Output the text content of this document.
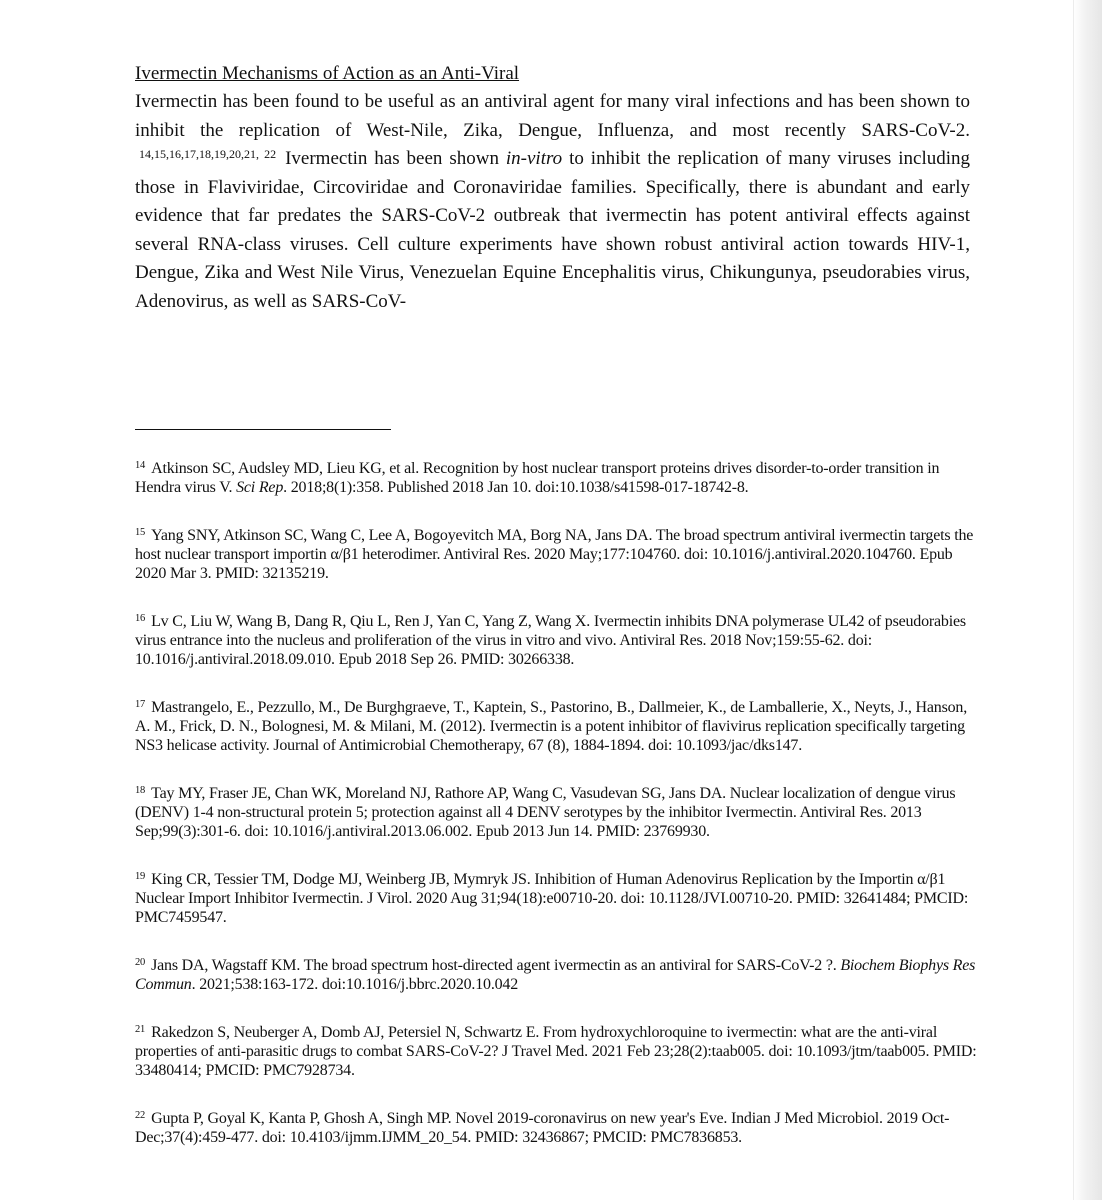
Ivermectin Mechanisms of Action as an Anti-Viral

Ivermectin has been found to be useful as an antiviral agent for many viral infections and has been shown to inhibit the replication of West-Nile, Zika, Dengue, Influenza, and most recently SARS-CoV-2. $^{14,15,16,17,18,19,20,21, 22}$ Ivermectin has been shown in-vitro to inhibit the replication of many viruses including those in Flaviviridae, Circoviridae and Coronaviridae families. Specifically, there is abundant and early evidence that far predates the SARS-CoV-2 outbreak that ivermectin has potent antiviral effects against several RNA-class viruses. Cell culture experiments have shown robust antiviral action towards HIV-1, Dengue, Zika and West Nile Virus, Venezuelan Equine Encephalitis virus, Chikungunya, pseudorabies virus, Adenovirus, as well as SARS-CoV-

$^{14}$ Atkinson SC, Audsley MD, Lieu KG, et al. Recognition by host nuclear transport proteins drives disorder-to-order transition in Hendra virus V. Sci Rep. 2018;8(1):358. Published 2018 Jan 10. doi:10.1038/s41598-017-18742-8.

$^{15}$ Yang SNY, Atkinson SC, Wang C, Lee A, Bogoyevitch MA, Borg NA, Jans DA. The broad spectrum antiviral ivermectin targets the host nuclear transport importin α/β1 heterodimer. Antiviral Res. 2020 May;177:104760. doi: 10.1016/j.antiviral.2020.104760. Epub 2020 Mar 3. PMID: 32135219.

$^{16}$ Lv C, Liu W, Wang B, Dang R, Qiu L, Ren J, Yan C, Yang Z, Wang X. Ivermectin inhibits DNA polymerase UL42 of pseudorabies virus entrance into the nucleus and proliferation of the virus in vitro and vivo. Antiviral Res. 2018 Nov;159:55-62. doi: 10.1016/j.antiviral.2018.09.010. Epub 2018 Sep 26. PMID: 30266338.

$^{17}$ Mastrangelo, E., Pezzullo, M., De Burghgraeve, T., Kaptein, S., Pastorino, B., Dallmeier, K., de Lamballerie, X., Neyts, J., Hanson, A. M., Frick, D. N., Bolognesi, M. & Milani, M. (2012). Ivermectin is a potent inhibitor of flavivirus replication specifically targeting NS3 helicase activity. Journal of Antimicrobial Chemotherapy, 67 (8), 1884-1894. doi: 10.1093/jac/dks147.

$^{18}$ Tay MY, Fraser JE, Chan WK, Moreland NJ, Rathore AP, Wang C, Vasudevan SG, Jans DA. Nuclear localization of dengue virus (DENV) 1-4 non-structural protein 5; protection against all 4 DENV serotypes by the inhibitor Ivermectin. Antiviral Res. 2013 Sep;99(3):301-6. doi: 10.1016/j.antiviral.2013.06.002. Epub 2013 Jun 14. PMID: 23769930.

$^{19}$ King CR, Tessier TM, Dodge MJ, Weinberg JB, Mymryk JS. Inhibition of Human Adenovirus Replication by the Importin α/β1 Nuclear Import Inhibitor Ivermectin. J Virol. 2020 Aug 31;94(18):e00710-20. doi: 10.1128/JVI.00710-20. PMID: 32641484; PMCID: PMC7459547.

$^{20}$ Jans DA, Wagstaff KM. The broad spectrum host-directed agent ivermectin as an antiviral for SARS-CoV-2 ?. Biochem Biophys Res Commun. 2021;538:163-172. doi:10.1016/j.bbrc.2020.10.042

$^{21}$ Rakedzon S, Neuberger A, Domb AJ, Petersiel N, Schwartz E. From hydroxychloroquine to ivermectin: what are the anti-viral properties of anti-parasitic drugs to combat SARS-CoV-2? J Travel Med. 2021 Feb 23;28(2):taab005. doi: 10.1093/jtm/taab005. PMID: 33480414; PMCID: PMC7928734.

$^{22}$ Gupta P, Goyal K, Kanta P, Ghosh A, Singh MP. Novel 2019-coronavirus on new year's Eve. Indian J Med Microbiol. 2019 Oct-Dec;37(4):459-477. doi: 10.4103/ijmm.IJMM_20_54. PMID: 32436867; PMCID: PMC7836853.
